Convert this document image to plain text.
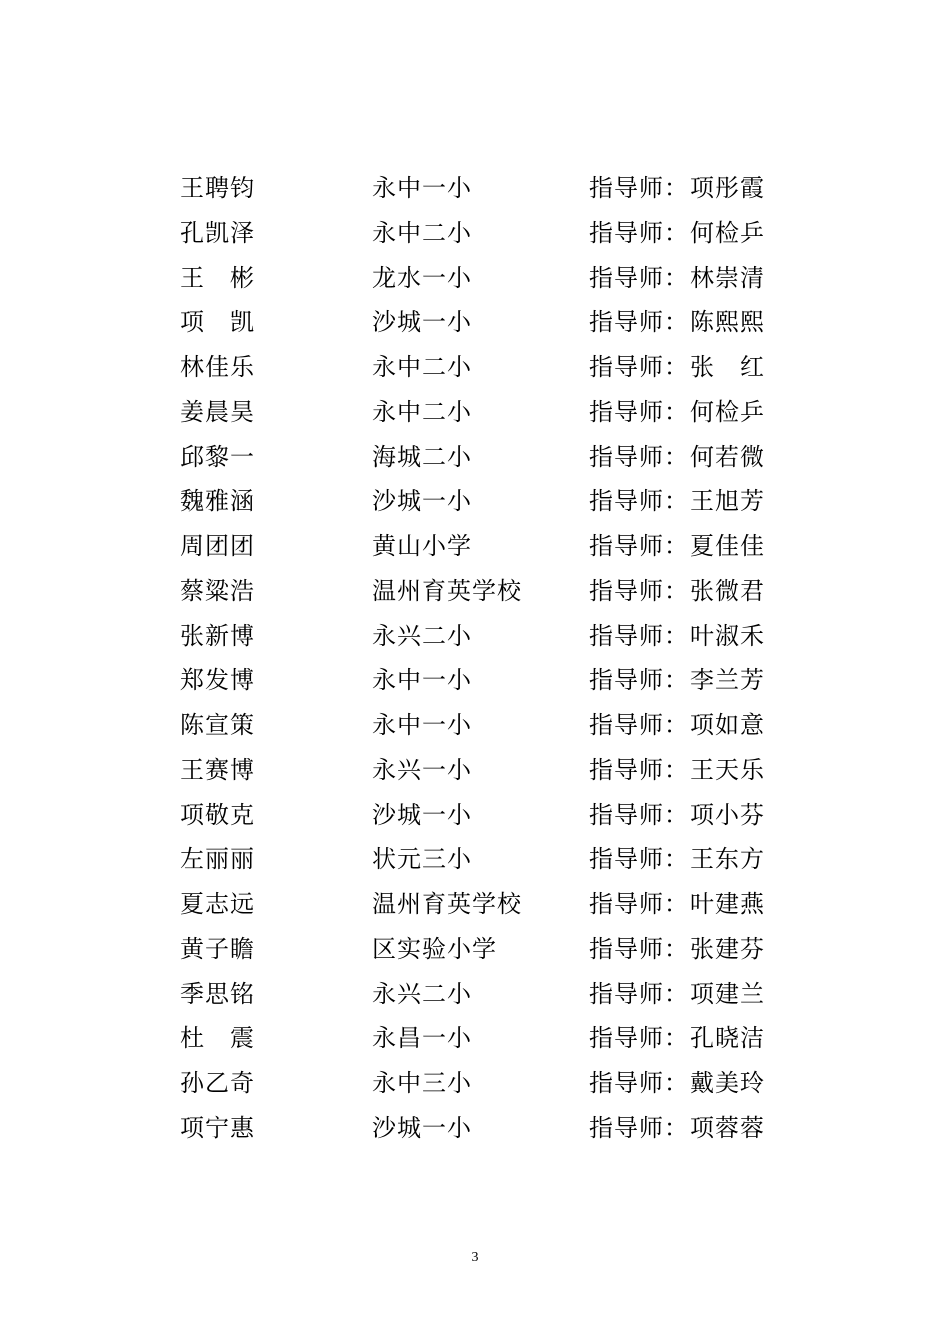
王聘钧	永中一小	指导师： 项彤霞
孔凯泽	永中二小	指导师： 何检乒
王　彬	龙水一小	指导师： 林崇清
项　凯	沙城一小	指导师： 陈熙熙
林佳乐	永中二小	指导师： 张　红
姜晨昊	永中二小	指导师： 何检乒
邱黎一	海城二小	指导师： 何若微
魏雅涵	沙城一小	指导师： 王旭芳
周团团	黄山小学	指导师： 夏佳佳
蔡粱浩	温州育英学校	指导师： 张微君
张新博	永兴二小	指导师： 叶淑禾
郑发博	永中一小	指导师： 李兰芳
陈宣策	永中一小	指导师： 项如意
王赛博	永兴一小	指导师： 王天乐
项敬克	沙城一小	指导师： 项小芬
左丽丽	状元三小	指导师： 王东方
夏志远	温州育英学校	指导师： 叶建燕
黄子瞻	区实验小学	指导师： 张建芬
季思铭	永兴二小	指导师： 项建兰
杜　震	永昌一小	指导师： 孔晓洁
孙乙奇	永中三小	指导师： 戴美玲
项宁惠	沙城一小	指导师： 项蓉蓉
3
